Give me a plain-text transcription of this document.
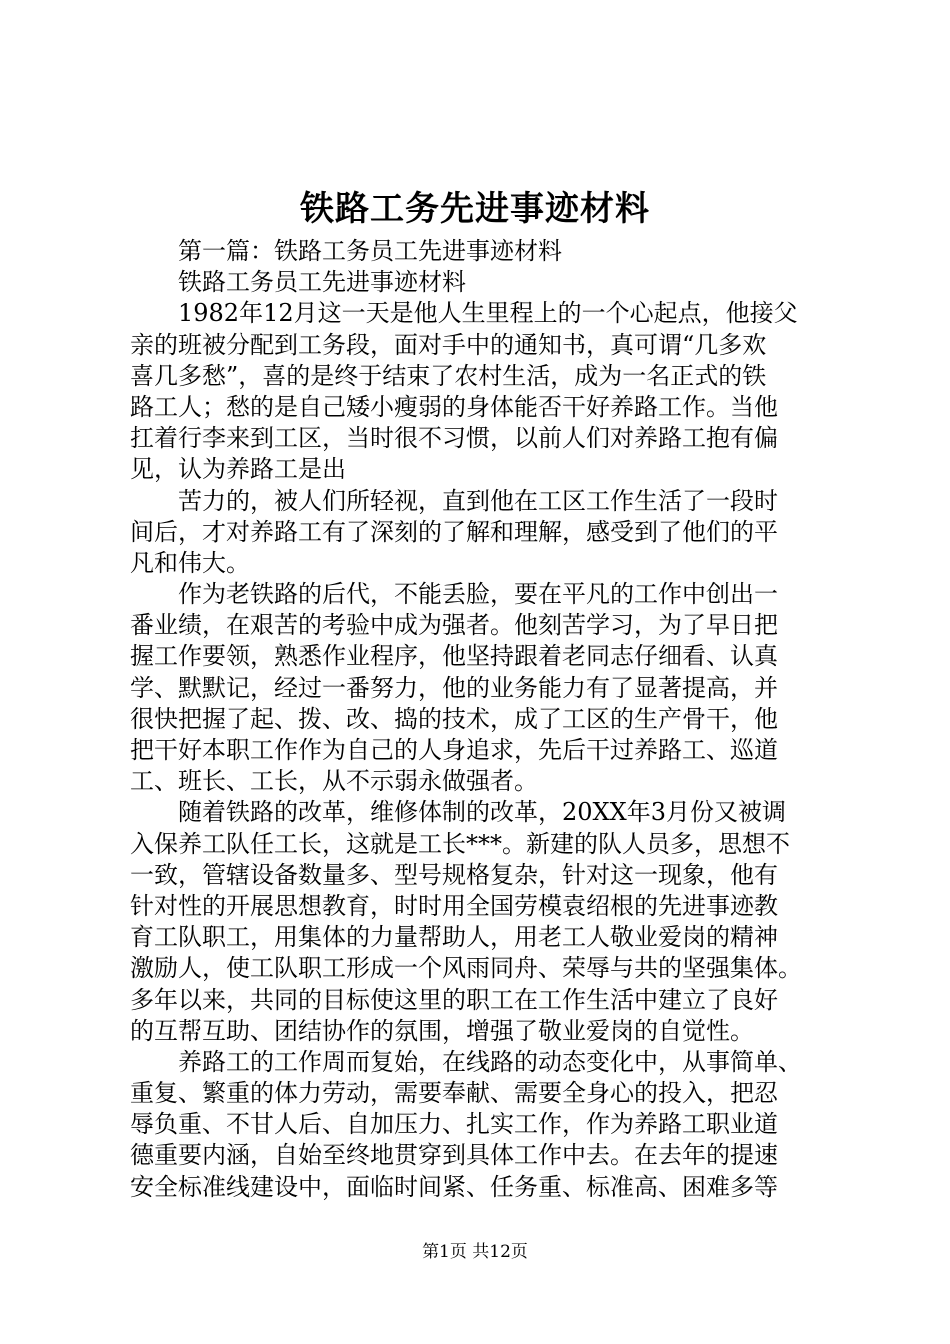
铁路工务先进事迹材料
第一篇：铁路工务员工先进事迹材料
铁路工务员工先进事迹材料
1982年12月这一天是他人生里程上的一个心起点，他接父
亲的班被分配到工务段，面对手中的通知书，真可谓“几多欢
喜几多愁”，喜的是终于结束了农村生活，成为一名正式的铁
路工人；愁的是自己矮小瘦弱的身体能否干好养路工作。当他
扛着行李来到工区，当时很不习惯，以前人们对养路工抱有偏
见，认为养路工是出
苦力的，被人们所轻视，直到他在工区工作生活了一段时
间后，才对养路工有了深刻的了解和理解，感受到了他们的平
凡和伟大。
作为老铁路的后代，不能丢脸，要在平凡的工作中创出一
番业绩，在艰苦的考验中成为强者。他刻苦学习，为了早日把
握工作要领，熟悉作业程序，他坚持跟着老同志仔细看、认真
学、默默记，经过一番努力，他的业务能力有了显著提高，并
很快把握了起、拨、改、捣的技术，成了工区的生产骨干，他
把干好本职工作作为自己的人身追求，先后干过养路工、巡道
工、班长、工长，从不示弱永做强者。
随着铁路的改革，维修体制的改革，20XX年3月份又被调
入保养工队任工长，这就是工长***。新建的队人员多，思想不
一致，管辖设备数量多、型号规格复杂，针对这一现象，他有
针对性的开展思想教育，时时用全国劳模袁绍根的先进事迹教
育工队职工，用集体的力量帮助人，用老工人敬业爱岗的精神
激励人，使工队职工形成一个风雨同舟、荣辱与共的坚强集体。
多年以来，共同的目标使这里的职工在工作生活中建立了良好
的互帮互助、团结协作的氛围，增强了敬业爱岗的自觉性。
养路工的工作周而复始，在线路的动态变化中，从事简单、
重复、繁重的体力劳动，需要奉献、需要全身心的投入，把忍
辱负重、不甘人后、自加压力、扎实工作，作为养路工职业道
德重要内涵，自始至终地贯穿到具体工作中去。在去年的提速
安全标准线建设中，面临时间紧、任务重、标准高、困难多等
第1页 共12页
